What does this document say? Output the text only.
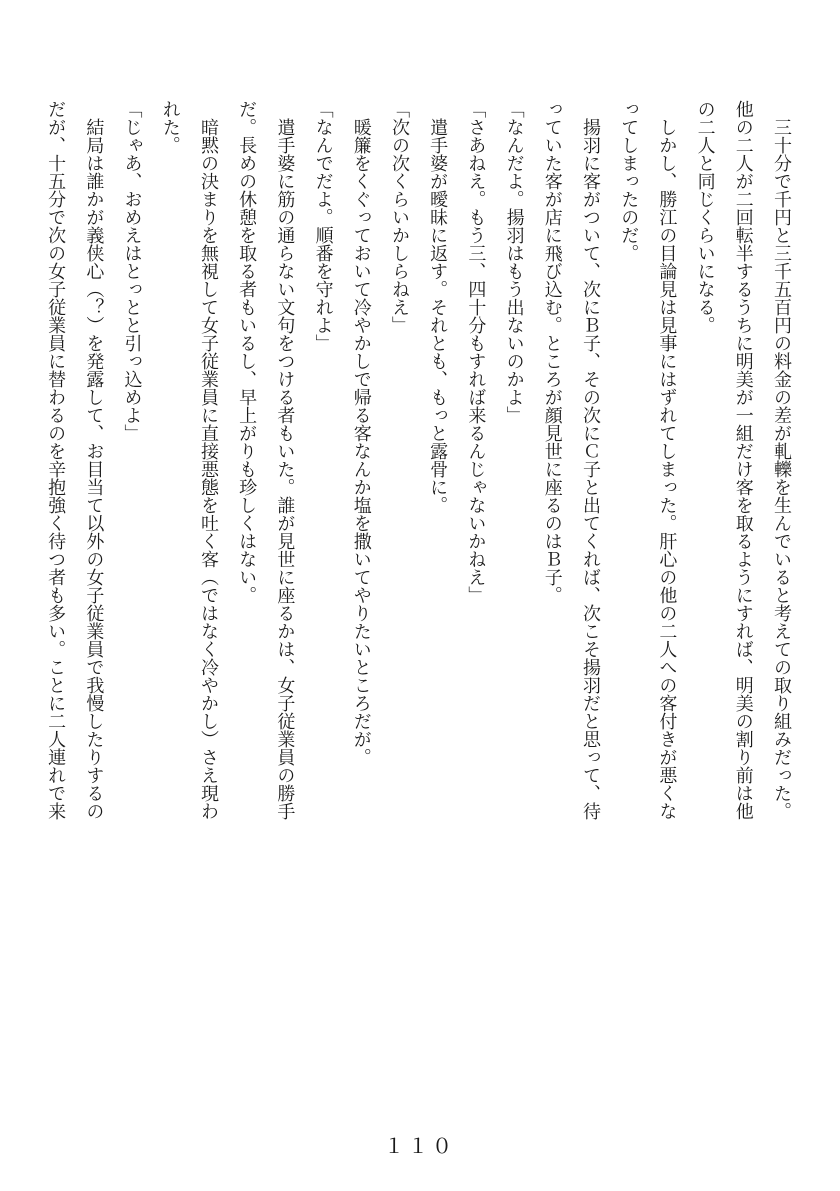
　三十分で千円と三千五百円の料金の差が軋轢を生んでいると考えての取り組みだった。

他の二人が二回転半するうちに明美が一組だけ客を取るようにすれば、明美の割り前は他

の二人と同じくらいになる。

　しかし、勝江の目論見は見事にはずれてしまった。肝心の他の二人への客付きが悪くな

ってしまったのだ。

　揚羽に客がついて、次にＢ子、その次にＣ子と出てくれば、次こそ揚羽だと思って、待

っていた客が店に飛び込む。ところが顔見世に座るのはＢ子。

「なんだよ。揚羽はもう出ないのかよ」

「さあねえ。もう三、四十分もすれば来るんじゃないかねえ」

　遣手婆が曖昧に返す。それとも、もっと露骨に。

「次の次くらいかしらねえ」

　暖簾をくぐっておいて冷やかしで帰る客なんか塩を撒いてやりたいところだが。

「なんでだよ。順番を守れよ」

　遣手婆に筋の通らない文句をつける者もいた。誰が見世に座るかは、女子従業員の勝手

だ。長めの休憩を取る者もいるし、早上がりも珍しくはない。

　暗黙の決まりを無視して女子従業員に直接悪態を吐く客（ではなく冷やかし）さえ現わ

れた。

「じゃあ、おめえはとっとと引っ込めよ」

　結局は誰かが義侠心（？）を発露して、お目当て以外の女子従業員で我慢したりするの

だが、十五分で次の女子従業員に替わるのを辛抱強く待つ者も多い。ことに二人連れで来

１１０
